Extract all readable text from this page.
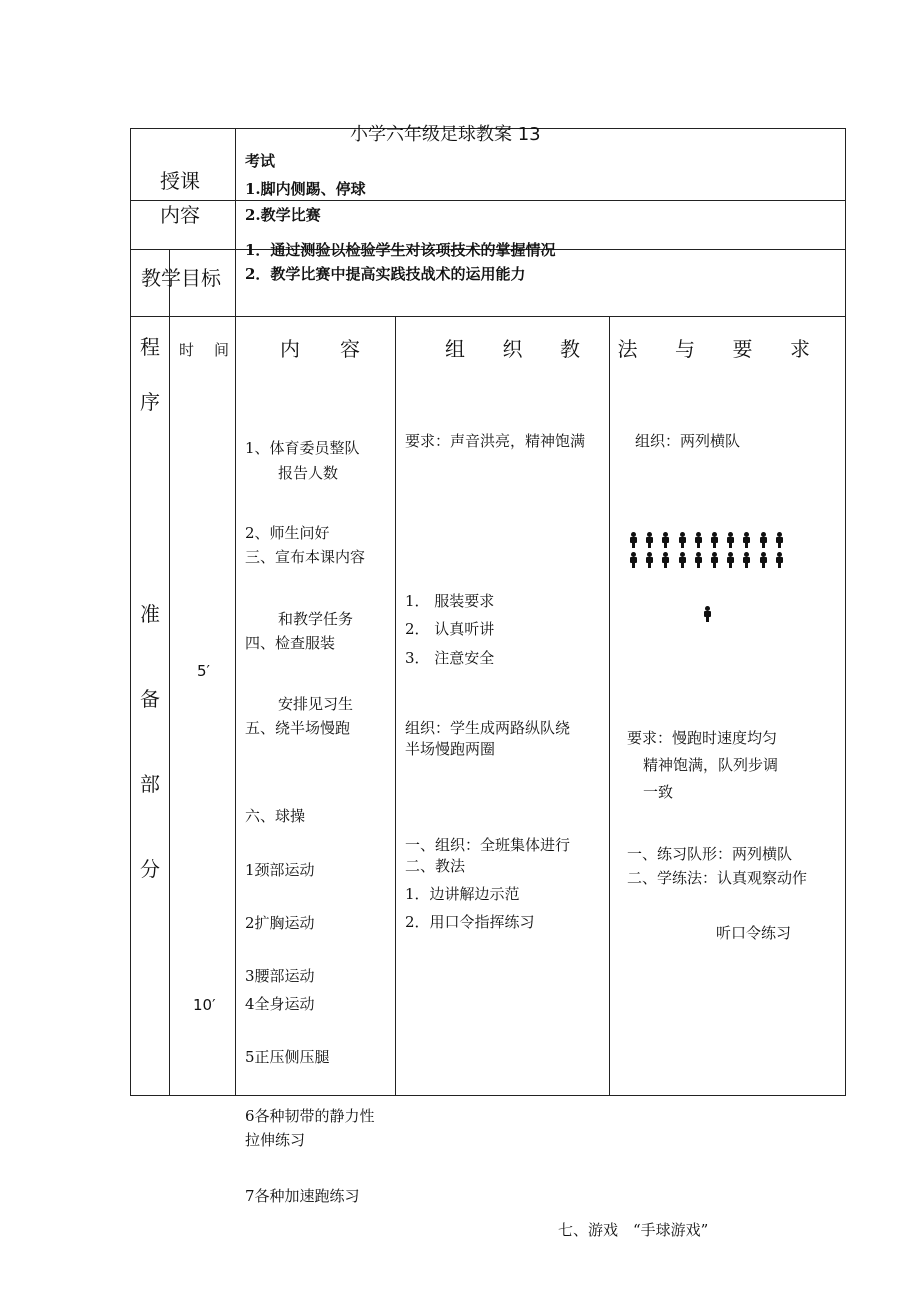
小学六年级足球教案 13
授课内容
教学目标
考试
1.脚内侧踢、停球
2.教学比赛
1．通过测验以检验学生对该项技术的掌握情况
2．教学比赛中提高实践技战术的运用能力
程序
时间 内容 组织教法与要求
准备部分
5′
10′
1、体育委员整队
报告人数
2、师生问好
三、宣布本课内容
和教学任务
四、检查服装
安排见习生
五、绕半场慢跑
六、球操
1颈部运动
2扩胸运动
3腰部运动
4全身运动
5正压侧压腿
要求：声音洪亮，精神饱满
1． 服装要求
2． 认真听讲
3． 注意安全
组织：学生成两路纵队绕
半场慢跑两圈
一、组织：全班集体进行
二、教法
1．边讲解边示范
2．用口令指挥练习
组织：两列横队
要求：慢跑时速度均匀
精神饱满，队列步调
一致
一、练习队形：两列横队
二、学练法：认真观察动作
听口令练习
6各种韧带的静力性
拉伸练习
7各种加速跑练习
七、游戏　“手球游戏”
